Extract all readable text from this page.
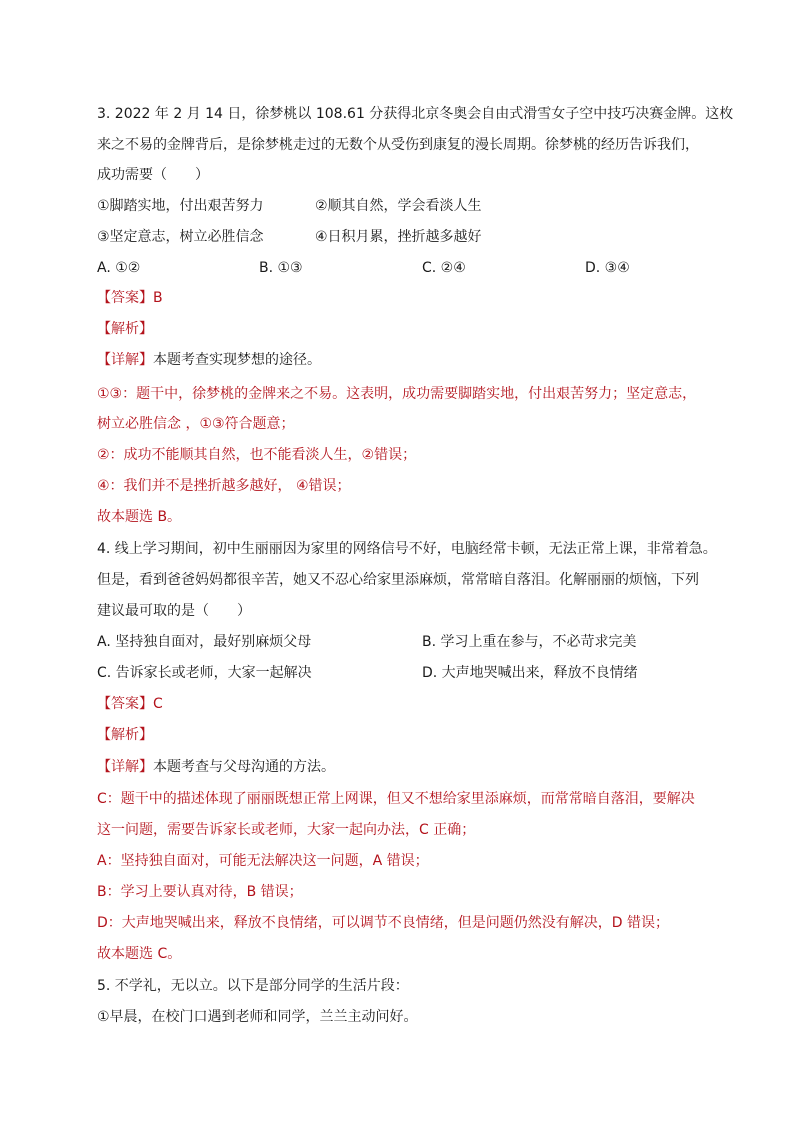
3. 2022 年 2 月 14 日，徐梦桃以 108.61 分获得北京冬奥会自由式滑雪女子空中技巧决赛金牌。这枚
来之不易的金牌背后，是徐梦桃走过的无数个从受伤到康复的漫长周期。徐梦桃的经历告诉我们，
成功需要（　　）
①脚踏实地，付出艰苦努力	②顺其自然，学会看淡人生
③坚定意志，树立必胜信念	④日积月累，挫折越多越好
A. ①②	B. ①③	C. ②④	D. ③④
【答案】B
【解析】
【详解】本题考查实现梦想的途径。
①③：题干中，徐梦桃的金牌来之不易。这表明，成功需要脚踏实地，付出艰苦努力；坚定意志，
树立必胜信念 ，①③符合题意；
②：成功不能顺其自然，也不能看淡人生，②错误；
④：我们并不是挫折越多越好， ④错误；
故本题选 B。
4. 线上学习期间，初中生丽丽因为家里的网络信号不好，电脑经常卡顿，无法正常上课，非常着急。
但是，看到爸爸妈妈都很辛苦，她又不忍心给家里添麻烦，常常暗自落泪。化解丽丽的烦恼，下列
建议最可取的是（　　）
A. 坚持独自面对，最好别麻烦父母	B. 学习上重在参与，不必苛求完美
C. 告诉家长或老师，大家一起解决	D. 大声地哭喊出来，释放不良情绪
【答案】C
【解析】
【详解】本题考查与父母沟通的方法。
C：题干中的描述体现了丽丽既想正常上网课，但又不想给家里添麻烦，而常常暗自落泪，要解决
这一问题，需要告诉家长或老师，大家一起向办法，C 正确；
A：坚持独自面对，可能无法解决这一问题，A 错误；
B：学习上要认真对待，B 错误；
D：大声地哭喊出来，释放不良情绪，可以调节不良情绪，但是问题仍然没有解决，D 错误；
故本题选 C。
5. 不学礼，无以立。以下是部分同学的生活片段：
①早晨，在校门口遇到老师和同学，兰兰主动问好。
